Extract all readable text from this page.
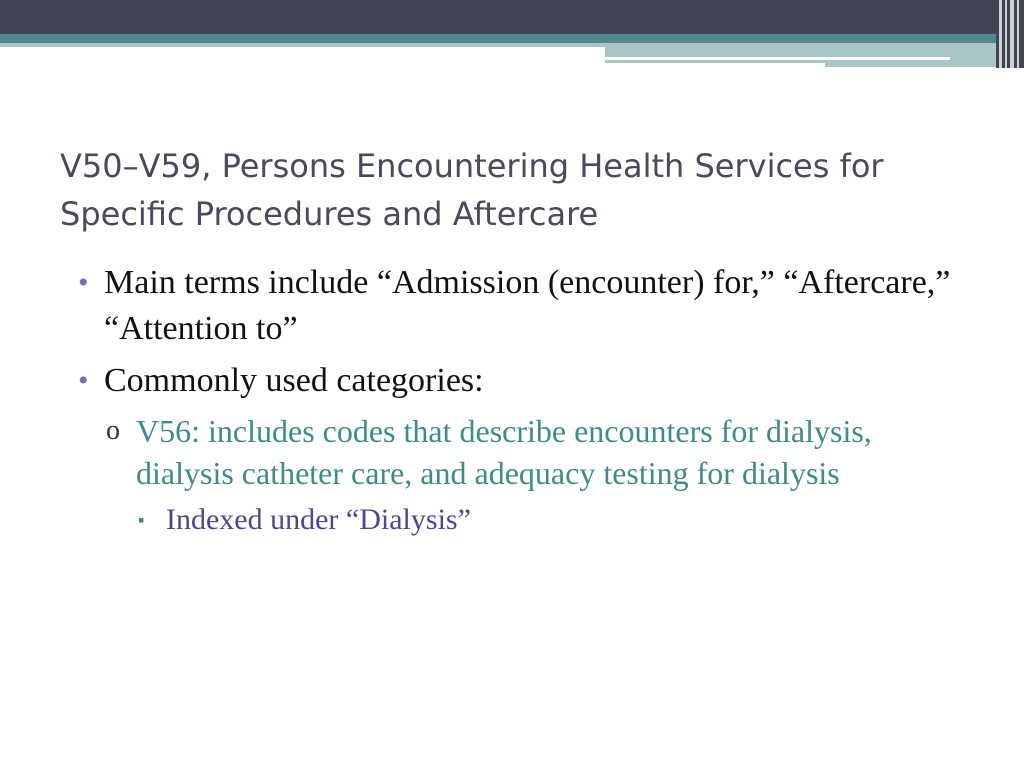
V50–V59, Persons Encountering Health Services for Specific Procedures and Aftercare
• Main terms include “Admission (encounter) for,” “Aftercare,” “Attention to”
• Commonly used categories:
o V56: includes codes that describe encounters for dialysis, dialysis catheter care, and adequacy testing for dialysis
▪ Indexed under “Dialysis”
